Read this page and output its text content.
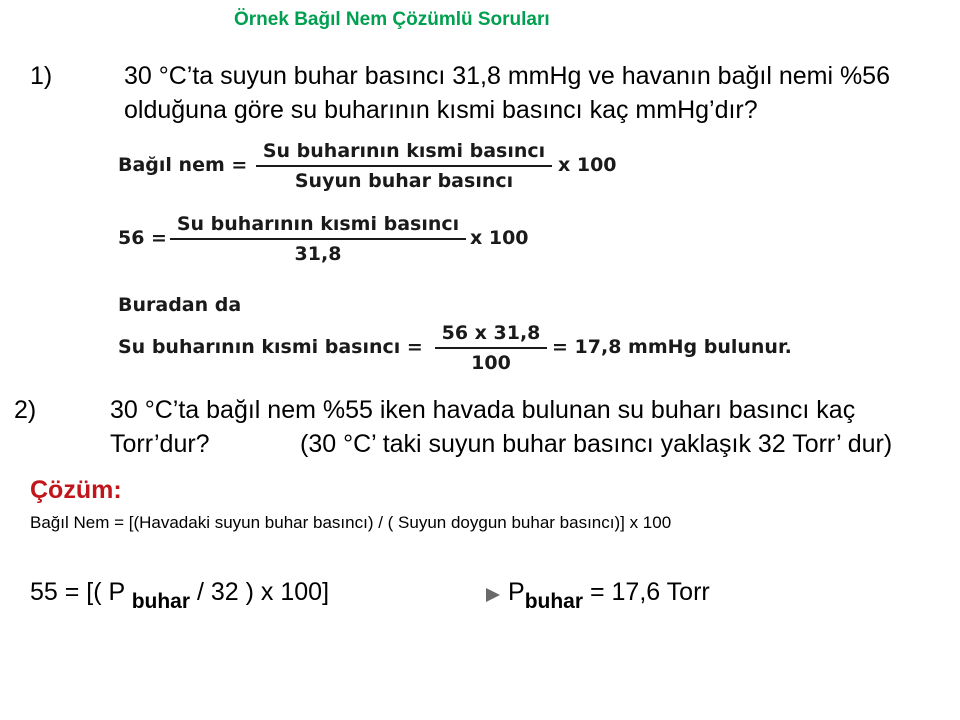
Örnek Bağıl Nem Çözümlü Soruları
1)	30 °C’ta suyun buhar basıncı 31,8 mmHg ve havanın bağıl nemi %56
olduğuna göre su buharının kısmi basıncı kaç mmHg’dır?
Bağıl nem =
Su buharının kısmi basıncı
Suyun buhar basıncı
x 100
56 =
Su buharının kısmi basıncı
31,8
x 100
Buradan da
Su buharının kısmi basıncı =
56 x 31,8
100
= 17,8 mmHg bulunur.
2)	30 °C’ta bağıl nem %55 iken havada bulunan su buharı basıncı kaç
Torr’dur?	(30 °C’ taki suyun buhar basıncı yaklaşık 32 Torr’ dur)
Çözüm:
Bağıl Nem = [(Havadaki suyun buhar basıncı) / ( Suyun doygun buhar basıncı)] x 100
55 = [( P $_{buhar}$ / 32 ) x 100]	$P_{buhar} = 17,6$ Torr
